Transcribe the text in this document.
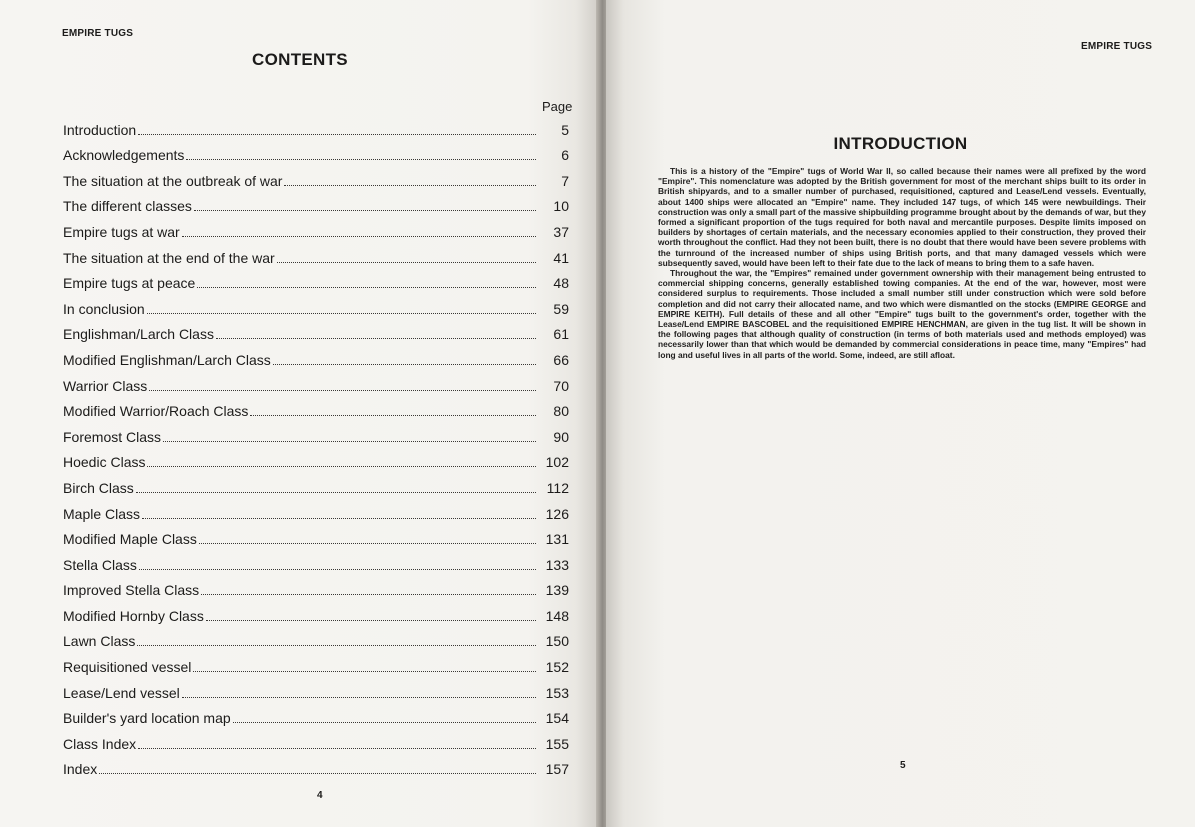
EMPIRE TUGS
CONTENTS
Page
Introduction	5
Acknowledgements	6
The situation at the outbreak of war	7
The different classes	10
Empire tugs at war	37
The situation at the end of the war	41
Empire tugs at peace	48
In conclusion	59
Englishman/Larch Class	61
Modified Englishman/Larch Class	66
Warrior Class	70
Modified Warrior/Roach Class	80
Foremost Class	90
Hoedic Class	102
Birch Class	112
Maple Class	126
Modified Maple Class	131
Stella Class	133
Improved Stella Class	139
Modified Hornby Class	148
Lawn Class	150
Requisitioned vessel	152
Lease/Lend vessel	153
Builder's yard location map	154
Class Index	155
Index	157
4
EMPIRE TUGS
INTRODUCTION

This is a history of the "Empire" tugs of World War II, so called because their names were all prefixed by the word "Empire". This nomenclature was adopted by the British government for most of the merchant ships built to its order in British shipyards, and to a smaller number of purchased, requisitioned, captured and Lease/Lend vessels. Eventually, about 1400 ships were allocated an "Empire" name. They included 147 tugs, of which 145 were newbuildings. Their construction was only a small part of the massive shipbuilding programme brought about by the demands of war, but they formed a significant proportion of the tugs required for both naval and mercantile purposes. Despite limits imposed on builders by shortages of certain materials, and the necessary economies applied to their construction, they proved their worth throughout the conflict. Had they not been built, there is no doubt that there would have been severe problems with the turnround of the increased number of ships using British ports, and that many damaged vessels which were subsequently saved, would have been left to their fate due to the lack of means to bring them to a safe haven.

Throughout the war, the "Empires" remained under government ownership with their management being entrusted to commercial shipping concerns, generally established towing companies. At the end of the war, however, most were considered surplus to requirements. Those included a small number still under construction which were sold before completion and did not carry their allocated name, and two which were dismantled on the stocks (EMPIRE GEORGE and EMPIRE KEITH). Full details of these and all other "Empire" tugs built to the government's order, together with the Lease/Lend EMPIRE BASCOBEL and the requisitioned EMPIRE HENCHMAN, are given in the tug list. It will be shown in the following pages that although quality of construction (in terms of both materials used and methods employed) was necessarily lower than that which would be demanded by commercial considerations in peace time, many "Empires" had long and useful lives in all parts of the world. Some, indeed, are still afloat.

5
